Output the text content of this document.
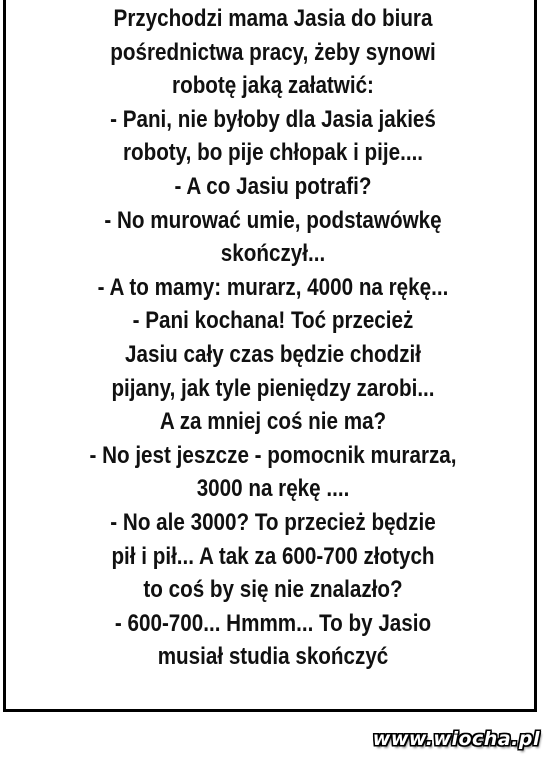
Przychodzi mama Jasia do biura
pośrednictwa pracy, żeby synowi
robotę jaką załatwić:
- Pani, nie byłoby dla Jasia jakieś
roboty, bo pije chłopak i pije....
- A co Jasiu potrafi?
- No murować umie, podstawówkę
skończył...
- A to mamy: murarz, 4000 na rękę...
- Pani kochana! Toć przecież
Jasiu cały czas będzie chodził
pijany, jak tyle pieniędzy zarobi...
A za mniej coś nie ma?
- No jest jeszcze - pomocnik murarza,
3000 na rękę ....
- No ale 3000? To przecież będzie
pił i pił... A tak za 600-700 złotych
to coś by się nie znalazło?
- 600-700... Hmmm... To by Jasio
musiał studia skończyć
www.wiocha.pl
